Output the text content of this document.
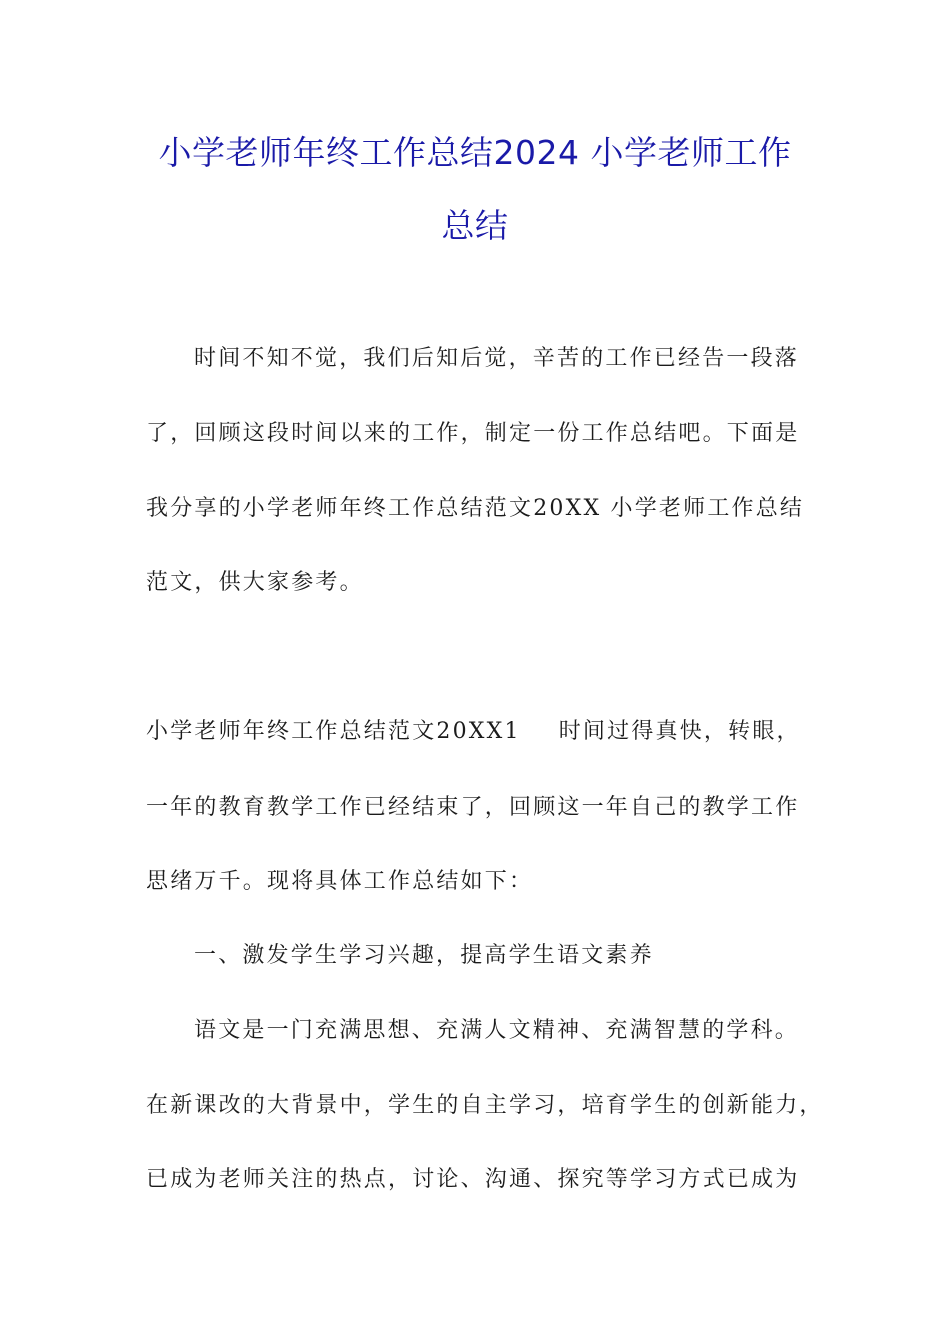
小学老师年终工作总结2024 小学老师工作
总结

时间不知不觉，我们后知后觉，辛苦的工作已经告一段落

了，回顾这段时间以来的工作，制定一份工作总结吧。下面是

我分享的小学老师年终工作总结范文20XX 小学老师工作总结

范文，供大家参考。

小学老师年终工作总结范文20XX1 时间过得真快，转眼，

一年的教育教学工作已经结束了，回顾这一年自己的教学工作

思绪万千。现将具体工作总结如下：

一、激发学生学习兴趣，提高学生语文素养

语文是一门充满思想、充满人文精神、充满智慧的学科。

在新课改的大背景中，学生的自主学习，培育学生的创新能力，

已成为老师关注的热点，讨论、沟通、探究等学习方式已成为
